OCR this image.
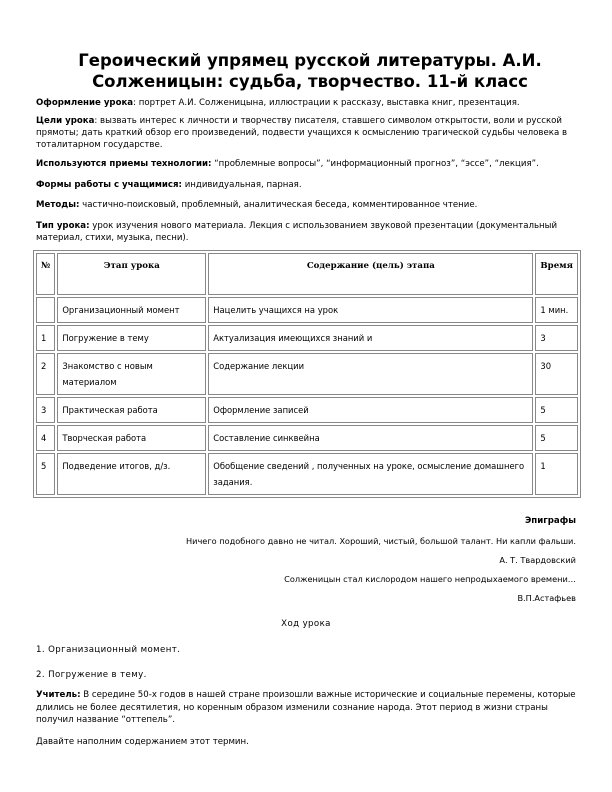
Героический упрямец русской литературы. А.И.
Солженицын: судьба, творчество. 11-й класс
Оформление урока: портрет А.И. Солженицына, иллюстрации к рассказу, выставка книг, презентация.
Цели урока: вызвать интерес к личности и творчеству писателя, ставшего символом открытости, воли и русской прямоты; дать краткий обзор его произведений, подвести учащихся к осмыслению трагической судьбы человека в тоталитарном государстве.
Используются приемы технологии: “проблемные вопросы”, “информационный прогноз”, “эссе”, “лекция”.
Формы работы с учащимися: индивидуальная, парная.
Методы: частично-поисковый, проблемный, аналитическая беседа, комментированное чтение.
Тип урока: урок изучения нового материала. Лекция с использованием звуковой презентации (документальный материал, стихи, музыка, песни).
№	Этап урока	Содержание (цель) этапа	Время
	Организационный момент	Нацелить учащихся на урок	1 мин.
1	Погружение в тему	Актуализация имеющихся знаний и	3
2	Знакомство с новым материалом	Содержание лекции	30
3	Практическая работа	Оформление записей	5
4	Творческая работа	Составление синквейна	5
5	Подведение итогов, д/з.	Обобщение сведений , полученных на уроке, осмысление домашнего задания.	1
Эпиграфы
Ничего подобного давно не читал. Хороший, чистый, большой талант. Ни капли фальши.
А. Т. Твардовский
Солженицын стал кислородом нашего непродыхаемого времени…
В.П.Астафьев
Ход урока
1. Организационный момент.
2. Погружение в тему.
Учитель: В середине 50-х годов в нашей стране произошли важные исторические и социальные перемены, которые длились не более десятилетия, но коренным образом изменили сознание народа. Этот период в жизни страны получил название “оттепель”.
Давайте наполним содержанием этот термин.
